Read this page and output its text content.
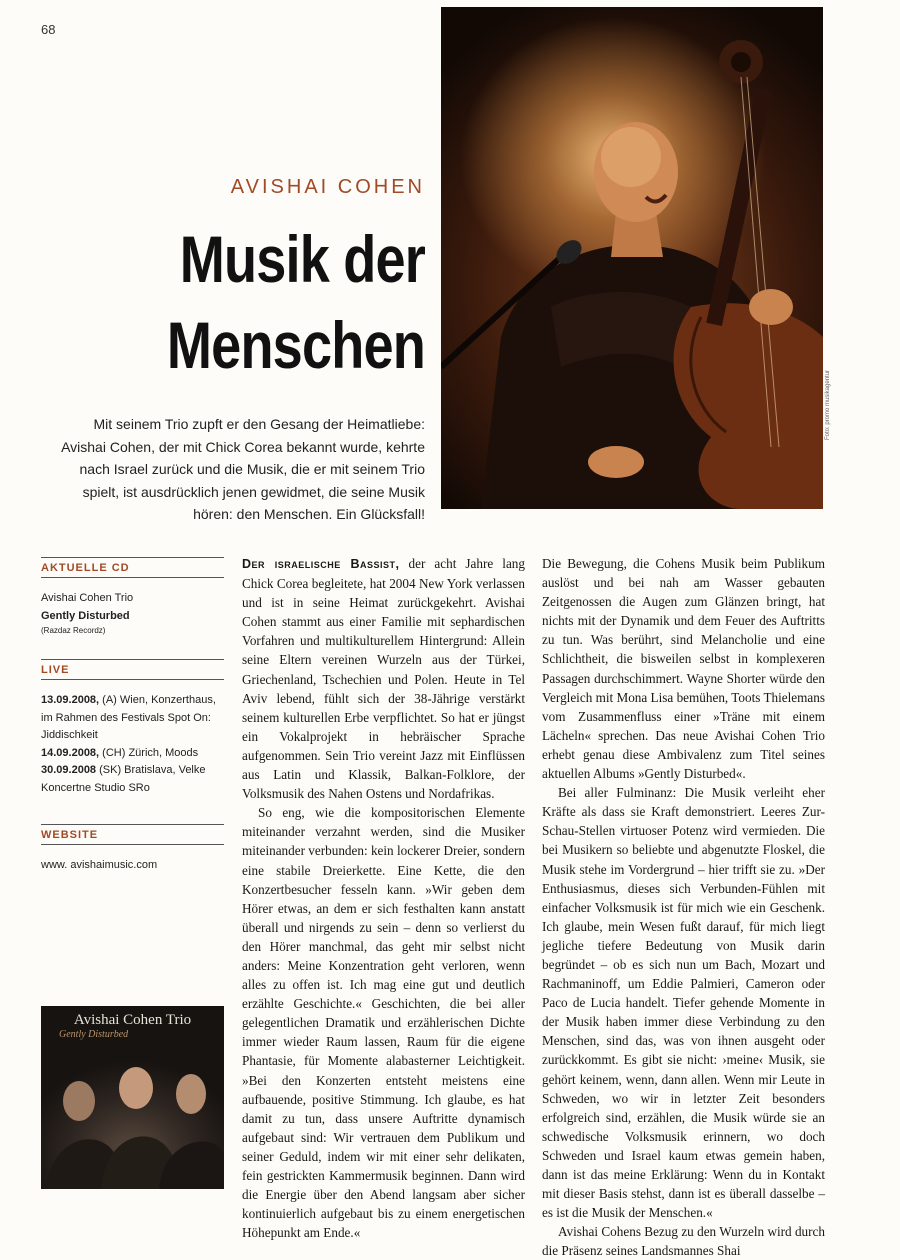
68
Foto: promo musikagentur
AVISHAI COHEN
Musik der
Menschen
Mit seinem Trio zupft er den Gesang der Heimatliebe: Avishai Cohen, der mit Chick Corea bekannt wurde, kehrte nach Israel zurück und die Musik, die er mit seinem Trio spielt, ist ausdrücklich jenen gewidmet, die seine Musik hören: den Menschen. Ein Glücksfall!
AKTUELLE CD
Avishai Cohen Trio
Gently Disturbed
(Razdaz Recordz)
LIVE
13.09.2008, (A) Wien, Konzerthaus, im Rahmen des Festivals Spot On: Jiddischkeit
14.09.2008, (CH) Zürich, Moods
30.09.2008 (SK) Bratislava, Velke Koncertne Studio SRo
WEBSITE
www. avishaimusic.com
Avishai Cohen Trio
Gently Disturbed

Der israelische Bassist, der acht Jahre lang Chick Corea begleitete, hat 2004 New York verlassen und ist in seine Heimat zurückgekehrt. Avishai Cohen stammt aus einer Familie mit sephardischen Vorfahren und multikulturellem Hintergrund: Allein seine Eltern vereinen Wurzeln aus der Türkei, Griechenland, Tschechien und Polen. Heute in Tel Aviv lebend, fühlt sich der 38-Jährige verstärkt seinem kulturellen Erbe verpflichtet. So hat er jüngst ein Vokalprojekt in hebräischer Sprache aufgenommen. Sein Trio vereint Jazz mit Einflüssen aus Latin und Klassik, Balkan-Folklore, der Volksmusik des Nahen Ostens und Nordafrikas.

So eng, wie die kompositorischen Elemente miteinander verzahnt werden, sind die Musiker miteinander verbunden: kein lockerer Dreier, sondern eine stabile Dreierkette. Eine Kette, die den Konzertbesucher fesseln kann. »Wir geben dem Hörer etwas, an dem er sich festhalten kann anstatt überall und nirgends zu sein – denn so verlierst du den Hörer manchmal, das geht mir selbst nicht anders: Meine Konzentration geht verloren, wenn alles zu offen ist. Ich mag eine gut und deutlich erzählte Geschichte.« Geschichten, die bei aller gelegentlichen Dramatik und erzählerischen Dichte immer wieder Raum lassen, Raum für die eigene Phantasie, für Momente alabasterner Leichtigkeit. »Bei den Konzerten entsteht meistens eine aufbauende, positive Stimmung. Ich glaube, es hat damit zu tun, dass unsere Auftritte dynamisch aufgebaut sind: Wir vertrauen dem Publikum und seiner Geduld, indem wir mit einer sehr delikaten, fein gestrickten Kammermusik beginnen. Dann wird die Energie über den Abend langsam aber sicher kontinuierlich aufgebaut bis zu einem energetischen Höhepunkt am Ende.«

Die Bewegung, die Cohens Musik beim Publikum auslöst und bei nah am Wasser gebauten Zeitgenossen die Augen zum Glänzen bringt, hat nichts mit der Dynamik und dem Feuer des Auftritts zu tun. Was berührt, sind Melancholie und eine Schlichtheit, die bisweilen selbst in komplexeren Passagen durchschimmert. Wayne Shorter würde den Vergleich mit Mona Lisa bemühen, Toots Thielemans vom Zusammenfluss einer »Träne mit einem Lächeln« sprechen. Das neue Avishai Cohen Trio erhebt genau diese Ambivalenz zum Titel seines aktuellen Albums »Gently Disturbed«.

Bei aller Fulminanz: Die Musik verleiht eher Kräfte als dass sie Kraft demonstriert. Leeres Zur-Schau-Stellen virtuoser Potenz wird vermieden. Die bei Musikern so beliebte und abgenutzte Floskel, die Musik stehe im Vordergrund – hier trifft sie zu. »Der Enthusiasmus, dieses sich Verbunden-Fühlen mit einfacher Volksmusik ist für mich wie ein Geschenk. Ich glaube, mein Wesen fußt darauf, für mich liegt jegliche tiefere Bedeutung von Musik darin begründet – ob es sich nun um Bach, Mozart und Rachmaninoff, um Eddie Palmieri, Cameron oder Paco de Lucia handelt. Tiefer gehende Momente in der Musik haben immer diese Verbindung zu den Menschen, sind das, was von ihnen ausgeht oder zurückkommt. Es gibt sie nicht: ›meine‹ Musik, sie gehört keinem, wenn, dann allen. Wenn mir Leute in Schweden, wo wir in letzter Zeit besonders erfolgreich sind, erzählen, die Musik würde sie an schwedische Volksmusik erinnern, wo doch Schweden und Israel kaum etwas gemein haben, dann ist das meine Erklärung: Wenn du in Kontakt mit dieser Basis stehst, dann ist es überall dasselbe – es ist die Musik der Menschen.«

Avishai Cohens Bezug zu den Wurzeln wird durch die Präsenz seines Landsmannes Shai
